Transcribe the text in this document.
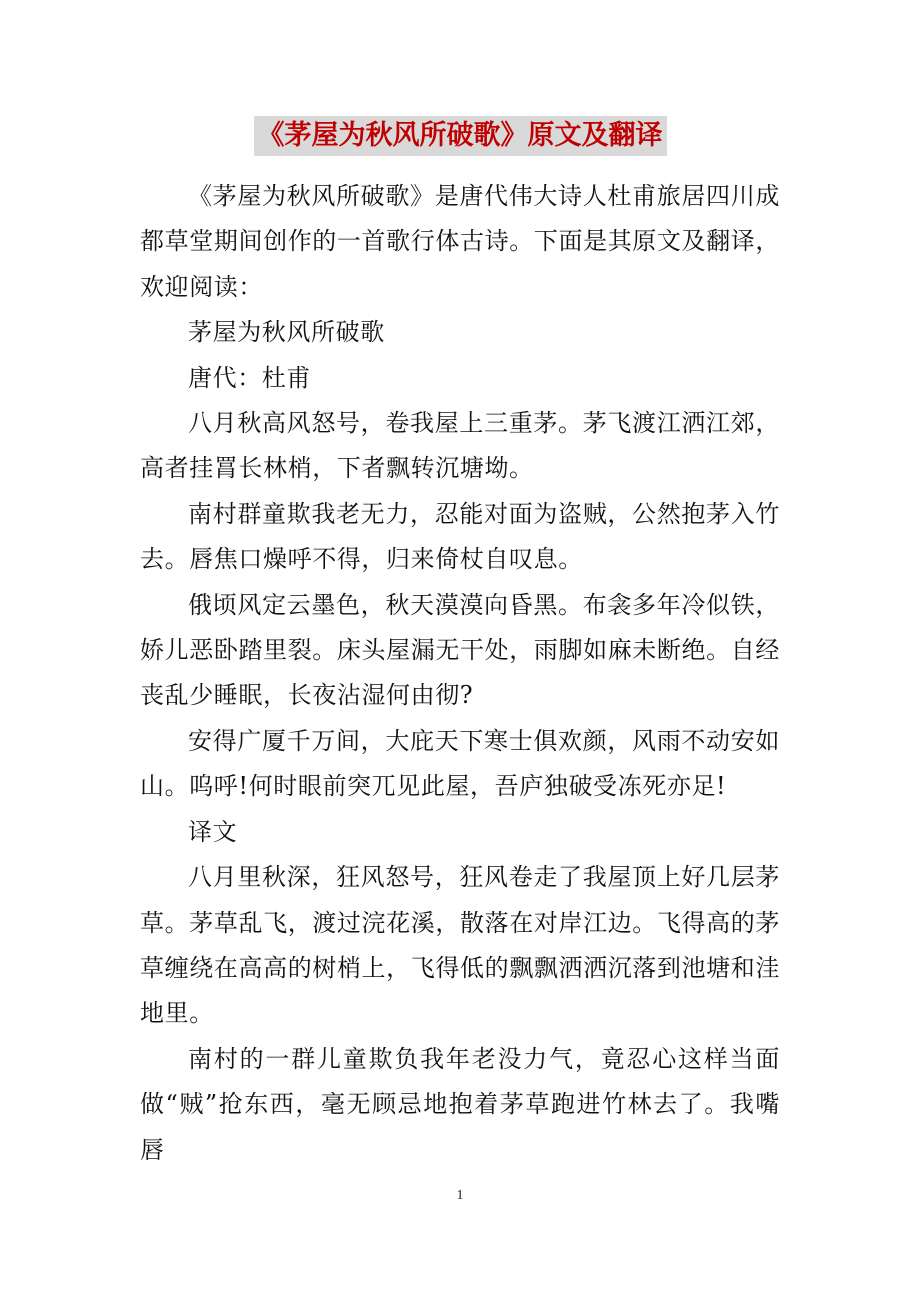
《茅屋为秋风所破歌》原文及翻译

《茅屋为秋风所破歌》是唐代伟大诗人杜甫旅居四川成都草堂期间创作的一首歌行体古诗。下面是其原文及翻译，欢迎阅读：

茅屋为秋风所破歌

唐代：杜甫

八月秋高风怒号，卷我屋上三重茅。茅飞渡江洒江郊，高者挂罥长林梢，下者飘转沉塘坳。

南村群童欺我老无力，忍能对面为盗贼，公然抱茅入竹去。唇焦口燥呼不得，归来倚杖自叹息。

俄顷风定云墨色，秋天漠漠向昏黑。布衾多年冷似铁，娇儿恶卧踏里裂。床头屋漏无干处，雨脚如麻未断绝。自经丧乱少睡眠，长夜沾湿何由彻?

安得广厦千万间，大庇天下寒士俱欢颜，风雨不动安如山。呜呼!何时眼前突兀见此屋，吾庐独破受冻死亦足!

译文

八月里秋深，狂风怒号，狂风卷走了我屋顶上好几层茅草。茅草乱飞，渡过浣花溪，散落在对岸江边。飞得高的茅草缠绕在高高的树梢上，飞得低的飘飘洒洒沉落到池塘和洼地里。

南村的一群儿童欺负我年老没力气，竟忍心这样当面做“贼”抢东西，毫无顾忌地抱着茅草跑进竹林去了。我嘴唇

1
